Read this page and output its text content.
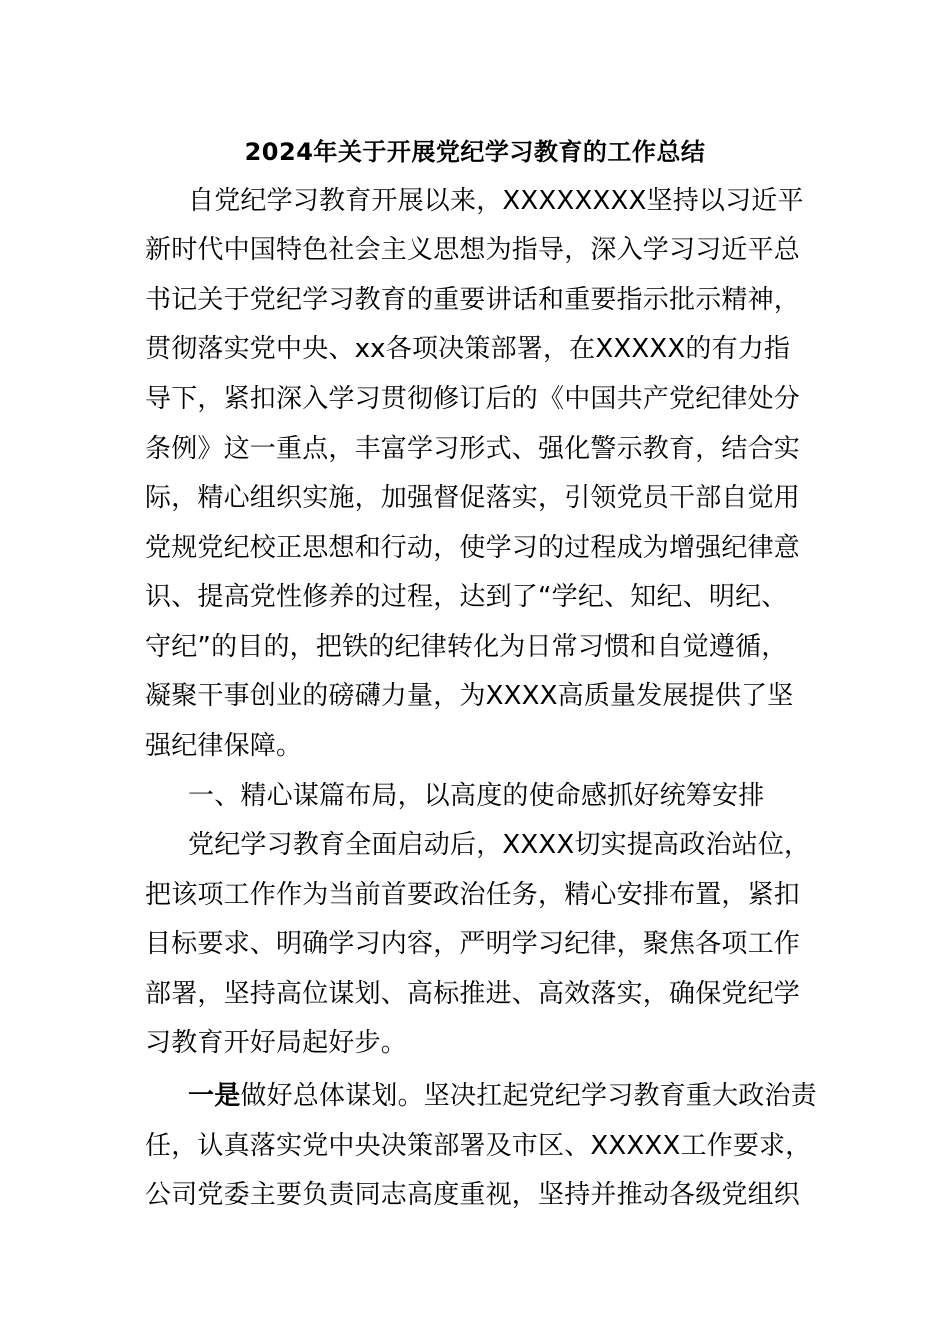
2024年关于开展党纪学习教育的工作总结
自党纪学习教育开展以来，XXXXXXXX坚持以习近平
新时代中国特色社会主义思想为指导，深入学习习近平总
书记关于党纪学习教育的重要讲话和重要指示批示精神，
贯彻落实党中央、xx各项决策部署，在XXXXX的有力指
导下，紧扣深入学习贯彻修订后的《中国共产党纪律处分
条例》这一重点，丰富学习形式、强化警示教育，结合实
际，精心组织实施，加强督促落实，引领党员干部自觉用
党规党纪校正思想和行动，使学习的过程成为增强纪律意
识、提高党性修养的过程，达到了“学纪、知纪、明纪、
守纪”的目的，把铁的纪律转化为日常习惯和自觉遵循，
凝聚干事创业的磅礴力量，为XXXX高质量发展提供了坚
强纪律保障。
一、精心谋篇布局，以高度的使命感抓好统筹安排
党纪学习教育全面启动后，XXXX切实提高政治站位，
把该项工作作为当前首要政治任务，精心安排布置，紧扣
目标要求、明确学习内容，严明学习纪律，聚焦各项工作
部署，坚持高位谋划、高标推进、高效落实，确保党纪学
习教育开好局起好步。
一是做好总体谋划。坚决扛起党纪学习教育重大政治责
任，认真落实党中央决策部署及市区、XXXXX工作要求，
公司党委主要负责同志高度重视，坚持并推动各级党组织
